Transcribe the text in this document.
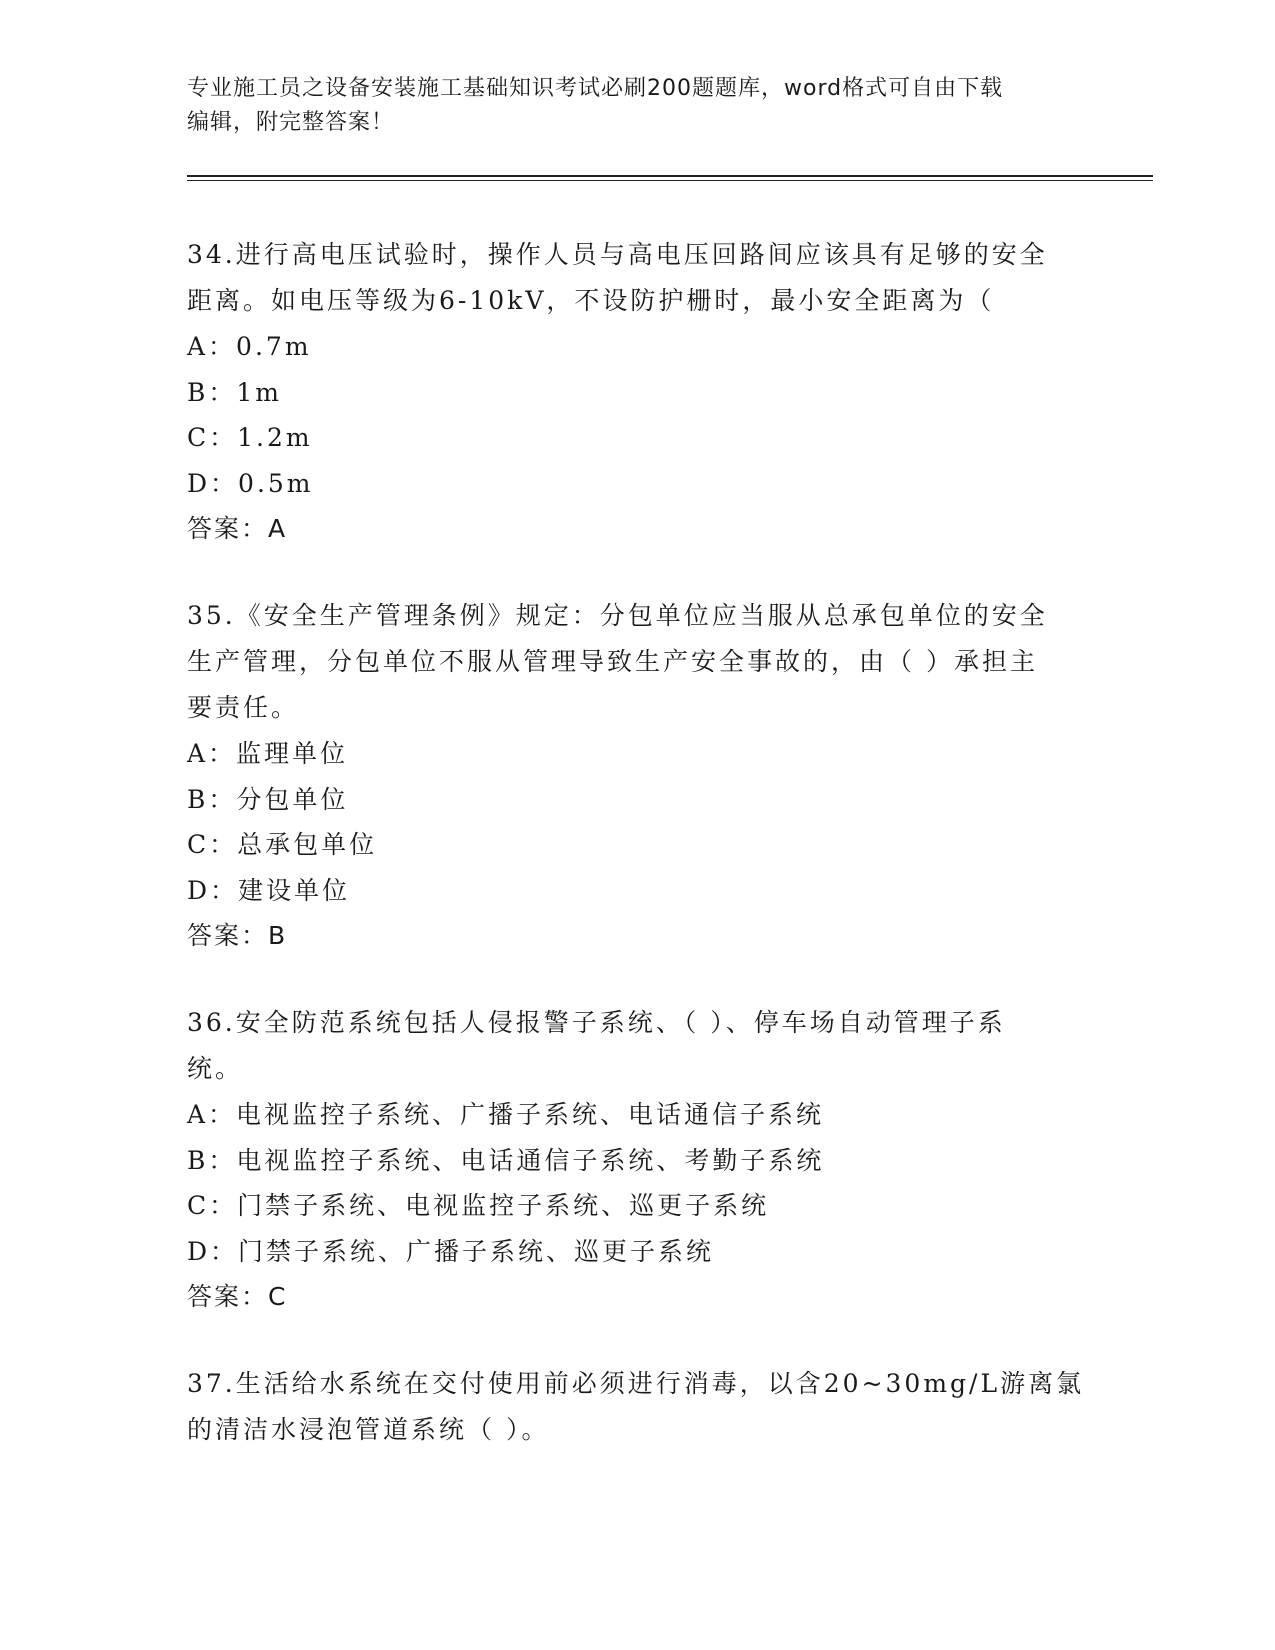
专业施工员之设备安装施工基础知识考试必刷200题题库，word格式可自由下载
编辑，附完整答案！
34.进行高电压试验时，操作人员与高电压回路间应该具有足够的安全
距离。如电压等级为6-10kV，不设防护栅时，最小安全距离为（
A：0.7m
B：1m
C：1.2m
D：0.5m
答案：A
35.《安全生产管理条例》规定：分包单位应当服从总承包单位的安全
生产管理，分包单位不服从管理导致生产安全事故的，由（ ）承担主
要责任。
A：监理单位
B：分包单位
C：总承包单位
D：建设单位
答案：B
36.安全防范系统包括人侵报警子系统、（ ）、停车场自动管理子系
统。
A：电视监控子系统、广播子系统、电话通信子系统
B：电视监控子系统、电话通信子系统、考勤子系统
C：门禁子系统、电视监控子系统、巡更子系统
D：门禁子系统、广播子系统、巡更子系统
答案：C
37.生活给水系统在交付使用前必须进行消毒，以含20~30mg/L游离氯
的清洁水浸泡管道系统（ ）。
